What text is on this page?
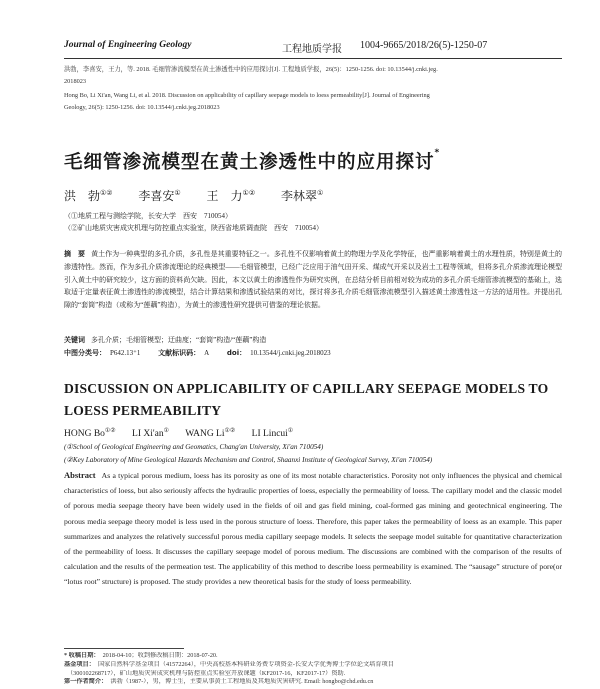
Journal of Engineering Geology	工程地质学报 1004-9665/2018/26(5)-1250-07
洪勃，李喜安，王力，等. 2018. 毛细管渗流模型在黄土渗透性中的应用探讨[J]. 工程地质学报，26(5)：1250-1256. doi: 10.13544/j.cnki.jeg.
2018023
Hong Bo, Li Xi'an, Wang Li, et al. 2018. Discussion on applicability of capillary seepage models to loess permeability[J]. Journal of Engineering
Geology, 26(5): 1250-1256. doi: 10.13544/j.cnki.jeg.2018023
毛细管渗流模型在黄土渗透性中的应用探讨*
洪　勃①② 李喜安① 王　力①② 李林翠①
（①地质工程与测绘学院，长安大学　西安　710054）
（②矿山地质灾害成灾机理与防控重点实验室，陕西省地质调查院　西安　710054）

摘　要 黄土作为一种典型的多孔介质，多孔性是其重要特征之一。多孔性不仅影响着黄土的物理力学及化学特征，也严重影响着黄土的水理性质，特别是黄土的渗透特性。然而，作为多孔介质渗流理论的经典模型——毛细管模型，已经广泛应用于油气田开采、煤成气开采以及岩土工程等领域，但将多孔介质渗流理论模型引入黄土中的研究较少，这方面的资料尚欠缺。因此，本文以黄土的渗透性作为研究实例，在总结分析目前相对较为成功的多孔介质毛细管渗流模型的基础上，选取适于定量表征黄土渗透性的渗流模型，结合计算结果和渗透试验结果的对比，探讨将多孔介质毛细管渗流模型引入描述黄土渗透性这一方法的适用性。并提出孔隙的“套筒”构造（或称为“莲藕”构造），为黄土的渗透性研究提供可借鉴的理论依据。

关键词 多孔介质；毛细管模型；迂曲度；“套筒”构造/“莲藕”构造
中图分类号： P642.13⁺1	文献标识码： A	doi： 10.13544/j.cnki.jeg.2018023
DISCUSSION ON APPLICABILITY OF CAPILLARY SEEPAGE MODELS TO LOESS PERMEABILITY
HONG Bo①② LI Xi'an① WANG Li①② LI Lincui①
(①School of Geological Engineering and Geomatics, Chang'an University, Xi'an 710054)
(②Key Laboratory of Mine Geological Hazards Mechanism and Control, Shaanxi Institute of Geological Survey, Xi'an 710054)

Abstract As a typical porous medium, loess has its porosity as one of its most notable characteristics. Porosity not only influences the physical and chemical characteristics of loess, but also seriously affects the hydraulic properties of loess, especially the permeability of loess. The capillary model and the classic model of porous media seepage theory have been widely used in the fields of oil and gas field mining, coal-formed gas mining and geotechnical engineering. The porous media seepage theory model is less used in the porous structure of loess. Therefore, this paper takes the permeability of loess as an example. This paper summarizes and analyzes the relatively successful porous media capillary seepage models. It selects the seepage model suitable for quantitative characterization of the permeability of loess. It discusses the capillary seepage model of porous medium. The discussions are combined with the comparison of the results of calculation and the results of the permeation test. The applicability of this method to describe loess permeability is examined. The “sausage” structure of pore(or “lotus root” structure) is proposed. The study provides a new theoretical basis for the study of loess permeability.

* 收稿日期： 2018-04-10；收到修改稿日期：2018-07-20.
基金项目： 国家自然科学基金项目（41572264），中央高校基本科研业务费专项资金-长安大学优秀博士学位论文培育项目
（300102268717），矿山地质灾害成灾机理与防控重点实验室开放课题（KF2017-16，KF2017-17）资助.
第一作者简介： 洪勃（1987-），男，博士生，主要从事黄土工程地质及其地质灾害研究. Email: hongbo@chd.edu.cn
